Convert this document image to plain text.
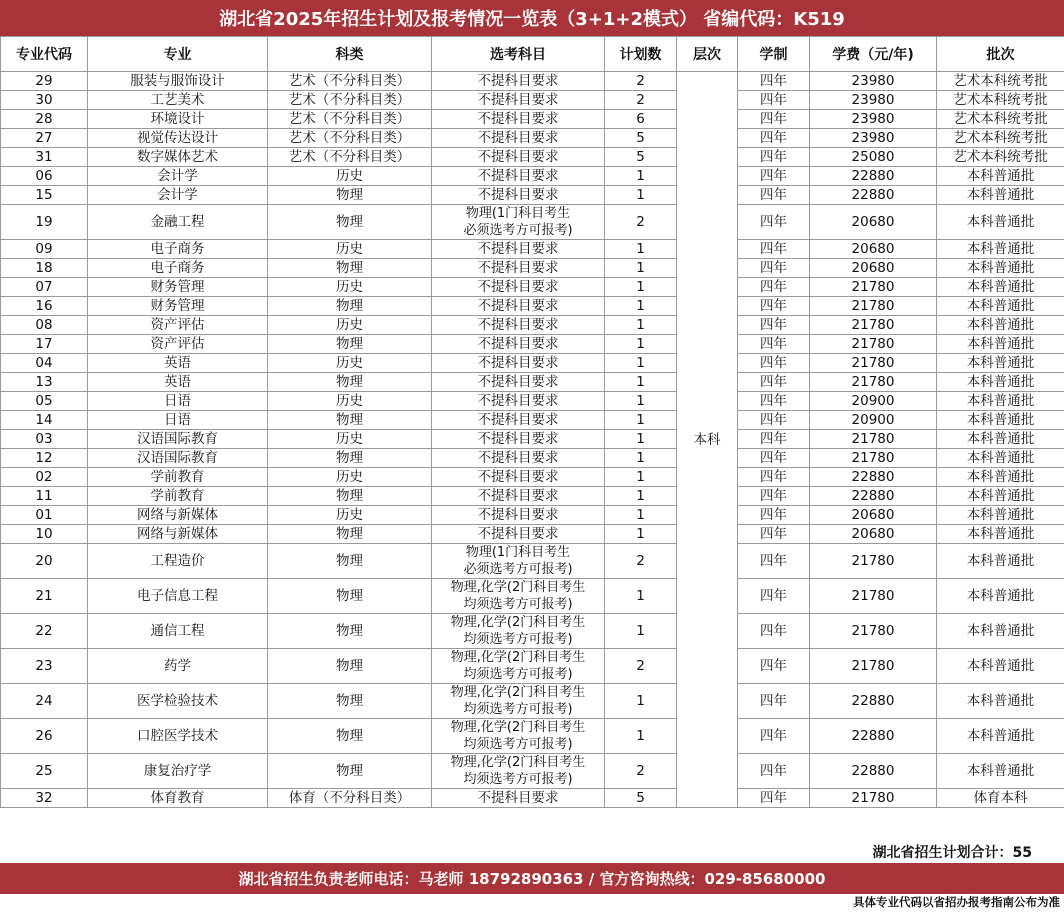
湖北省2025年招生计划及报考情况一览表（3+1+2模式） 省编代码：K519
专业代码	专业	科类	选考科目	计划数	层次	学制	学费（元/年)	批次
29	服装与服饰设计	艺术（不分科目类）	不提科目要求	2	本科	四年	23980	艺术本科统考批
30	工艺美术	艺术（不分科目类）	不提科目要求	2		四年	23980	艺术本科统考批
28	环境设计	艺术（不分科目类）	不提科目要求	6		四年	23980	艺术本科统考批
27	视觉传达设计	艺术（不分科目类）	不提科目要求	5		四年	23980	艺术本科统考批
31	数字媒体艺术	艺术（不分科目类）	不提科目要求	5		四年	25080	艺术本科统考批
06	会计学	历史	不提科目要求	1		四年	22880	本科普通批
15	会计学	物理	不提科目要求	1		四年	22880	本科普通批
19	金融工程	物理	物理(1门科目考生
必须选考方可报考)	2		四年	20680	本科普通批
09	电子商务	历史	不提科目要求	1		四年	20680	本科普通批
18	电子商务	物理	不提科目要求	1		四年	20680	本科普通批
07	财务管理	历史	不提科目要求	1		四年	21780	本科普通批
16	财务管理	物理	不提科目要求	1		四年	21780	本科普通批
08	资产评估	历史	不提科目要求	1		四年	21780	本科普通批
17	资产评估	物理	不提科目要求	1		四年	21780	本科普通批
04	英语	历史	不提科目要求	1		四年	21780	本科普通批
13	英语	物理	不提科目要求	1		四年	21780	本科普通批
05	日语	历史	不提科目要求	1		四年	20900	本科普通批
14	日语	物理	不提科目要求	1		四年	20900	本科普通批
03	汉语国际教育	历史	不提科目要求	1		四年	21780	本科普通批
12	汉语国际教育	物理	不提科目要求	1		四年	21780	本科普通批
02	学前教育	历史	不提科目要求	1		四年	22880	本科普通批
11	学前教育	物理	不提科目要求	1		四年	22880	本科普通批
01	网络与新媒体	历史	不提科目要求	1		四年	20680	本科普通批
10	网络与新媒体	物理	不提科目要求	1		四年	20680	本科普通批
20	工程造价	物理	物理(1门科目考生
必须选考方可报考)	2		四年	21780	本科普通批
21	电子信息工程	物理	物理,化学(2门科目考生
均须选考方可报考)	1		四年	21780	本科普通批
22	通信工程	物理	物理,化学(2门科目考生
均须选考方可报考)	1		四年	21780	本科普通批
23	药学	物理	物理,化学(2门科目考生
均须选考方可报考)	2		四年	21780	本科普通批
24	医学检验技术	物理	物理,化学(2门科目考生
均须选考方可报考)	1		四年	22880	本科普通批
26	口腔医学技术	物理	物理,化学(2门科目考生
均须选考方可报考)	1		四年	22880	本科普通批
25	康复治疗学	物理	物理,化学(2门科目考生
均须选考方可报考)	2		四年	22880	本科普通批
32	体育教育	体育（不分科目类）	不提科目要求	5		四年	21780	体育本科
湖北省招生计划合计：55
湖北省招生负责老师电话：马老师 18792890363 / 官方咨询热线：029-85680000
具体专业代码以省招办报考指南公布为准
